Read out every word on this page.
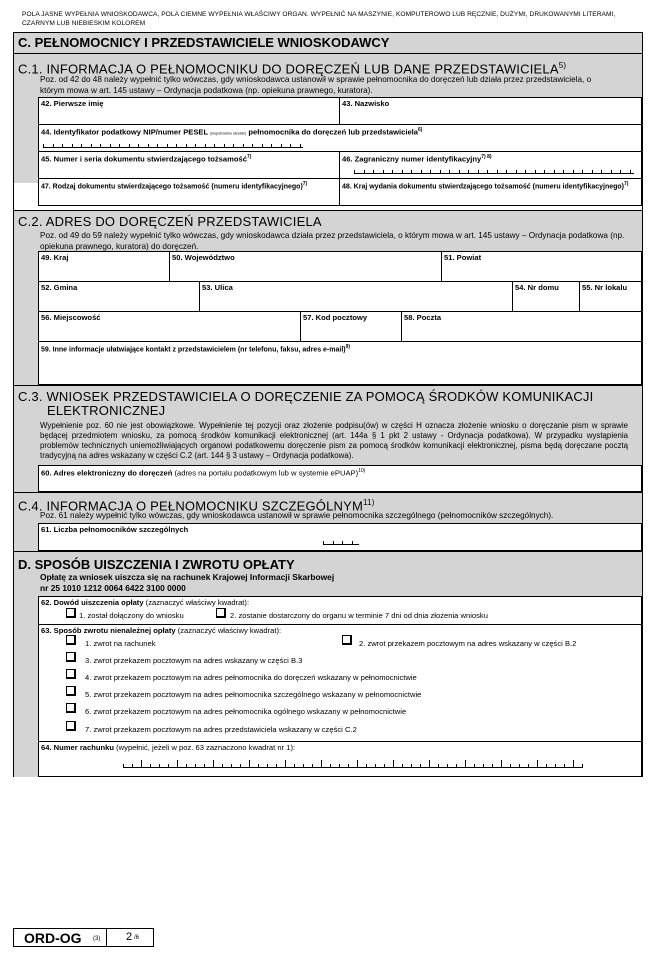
POLA JASNE WYPEŁNIA WNIOSKODAWCA, POLA CIEMNE WYPEŁNIA WŁAŚCIWY ORGAN. WYPEŁNIĆ NA MASZYNIE, KOMPUTEROWO LUB RĘCZNIE, DUŻYMI, DRUKOWANYMI LITERAMI, CZARNYM LUB NIEBIESKIM KOLOREM
C. PEŁNOMOCNICY I PRZEDSTAWICIELE WNIOSKODAWCY
C.1. INFORMACJA O PEŁNOMOCNIKU DO DORĘCZEŃ LUB DANE PRZEDSTAWICIELA$^{5)}$
Poz. od 42 do 48 należy wypełnić tylko wówczas, gdy wnioskodawca ustanowił w sprawie pełnomocnika do doręczeń lub działa przez przedstawiciela, o którym mowa w art. 145 ustawy – Ordynacja podatkowa (np. opiekuna prawnego, kuratora).
42. Pierwsze imię	43. Nazwisko
44. Identyfikator podatkowy NIP/numer PESEL (niepotrzebne skreślić) pełnomocnika do doręczeń lub przedstawiciela$^{6)}$
45. Numer i seria dokumentu stwierdzającego tożsamość$^{7)}$	46. Zagraniczny numer identyfikacyjny$^{7) 8)}$
47. Rodzaj dokumentu stwierdzającego tożsamość (numeru identyfikacyjnego)$^{7)}$	48. Kraj wydania dokumentu stwierdzającego tożsamość (numeru identyfikacyjnego)$^{7)}$
C.2. ADRES DO DORĘCZEŃ PRZEDSTAWICIELA
Poz. od 49 do 59 należy wypełnić tylko wówczas, gdy wnioskodawca działa przez przedstawiciela, o którym mowa w art. 145 ustawy – Ordynacja podatkowa (np. opiekuna prawnego, kuratora) do doręczeń.
49. Kraj	50. Województwo	51. Powiat
52. Gmina	53. Ulica	54. Nr domu	55. Nr lokalu
56. Miejscowość	57. Kod pocztowy	58. Poczta
59. Inne informacje ułatwiające kontakt z przedstawicielem (nr telefonu, faksu, adres e-mail)$^{9)}$
C.3. WNIOSEK PRZEDSTAWICIELA O DORĘCZENIE ZA POMOCĄ ŚRODKÓW KOMUNIKACJI
ELEKTRONICZNEJ
Wypełnienie poz. 60 nie jest obowiązkowe. Wypełnienie tej pozycji oraz złożenie podpisu(ów) w części H oznacza złożenie wniosku o doręczanie pism w sprawie będącej przedmiotem wniosku, za pomocą środków komunikacji elektronicznej (art. 144a § 1 pkt 2 ustawy - Ordynacja podatkowa). W przypadku wystąpienia problemów technicznych uniemożliwiających organowi podatkowemu doręczenie pism za pomocą środków komunikacji elektronicznej, pisma będą doręczane pocztą tradycyjną na adres wskazany w części C.2 (art. 144 § 3 ustawy – Ordynacja podatkowa).
60. Adres elektroniczny do doręczeń (adres na portalu podatkowym lub w systemie ePUAP)$^{10)}$
C.4. INFORMACJA O PEŁNOMOCNIKU SZCZEGÓLNYM$^{11)}$
Poz. 61 należy wypełnić tylko wówczas, gdy wnioskodawca ustanowił w sprawie pełnomocnika szczególnego (pełnomocników szczególnych).
61. Liczba pełnomocników szczególnych
D. SPOSÓB UISZCZENIA I ZWROTU OPŁATY
Opłatę za wniosek uiszcza się na rachunek Krajowej Informacji Skarbowej
nr 25 1010 1212 0064 6422 3100 0000
62. Dowód uiszczenia opłaty (zaznaczyć właściwy kwadrat):
1. został dołączony do wniosku	2. zostanie dostarczony do organu w terminie 7 dni od dnia złożenia wniosku
63. Sposób zwrotu nienależnej opłaty (zaznaczyć właściwy kwadrat):
1. zwrot na rachunek	2. zwrot przekazem pocztowym na adres wskazany w części B.2
3. zwrot przekazem pocztowym na adres wskazany w części B.3
4. zwrot przekazem pocztowym na adres pełnomocnika do doręczeń wskazany w pełnomocnictwie
5. zwrot przekazem pocztowym na adres pełnomocnika szczególnego wskazany w pełnomocnictwie
6. zwrot przekazem pocztowym na adres pełnomocnika ogólnego wskazany w pełnomocnictwie
7. zwrot przekazem pocztowym na adres przedstawiciela wskazany w części C.2
64. Numer rachunku (wypełnić, jeżeli w poz. 63 zaznaczono kwadrat nr 1):
ORD-OG (3) 2 /6
